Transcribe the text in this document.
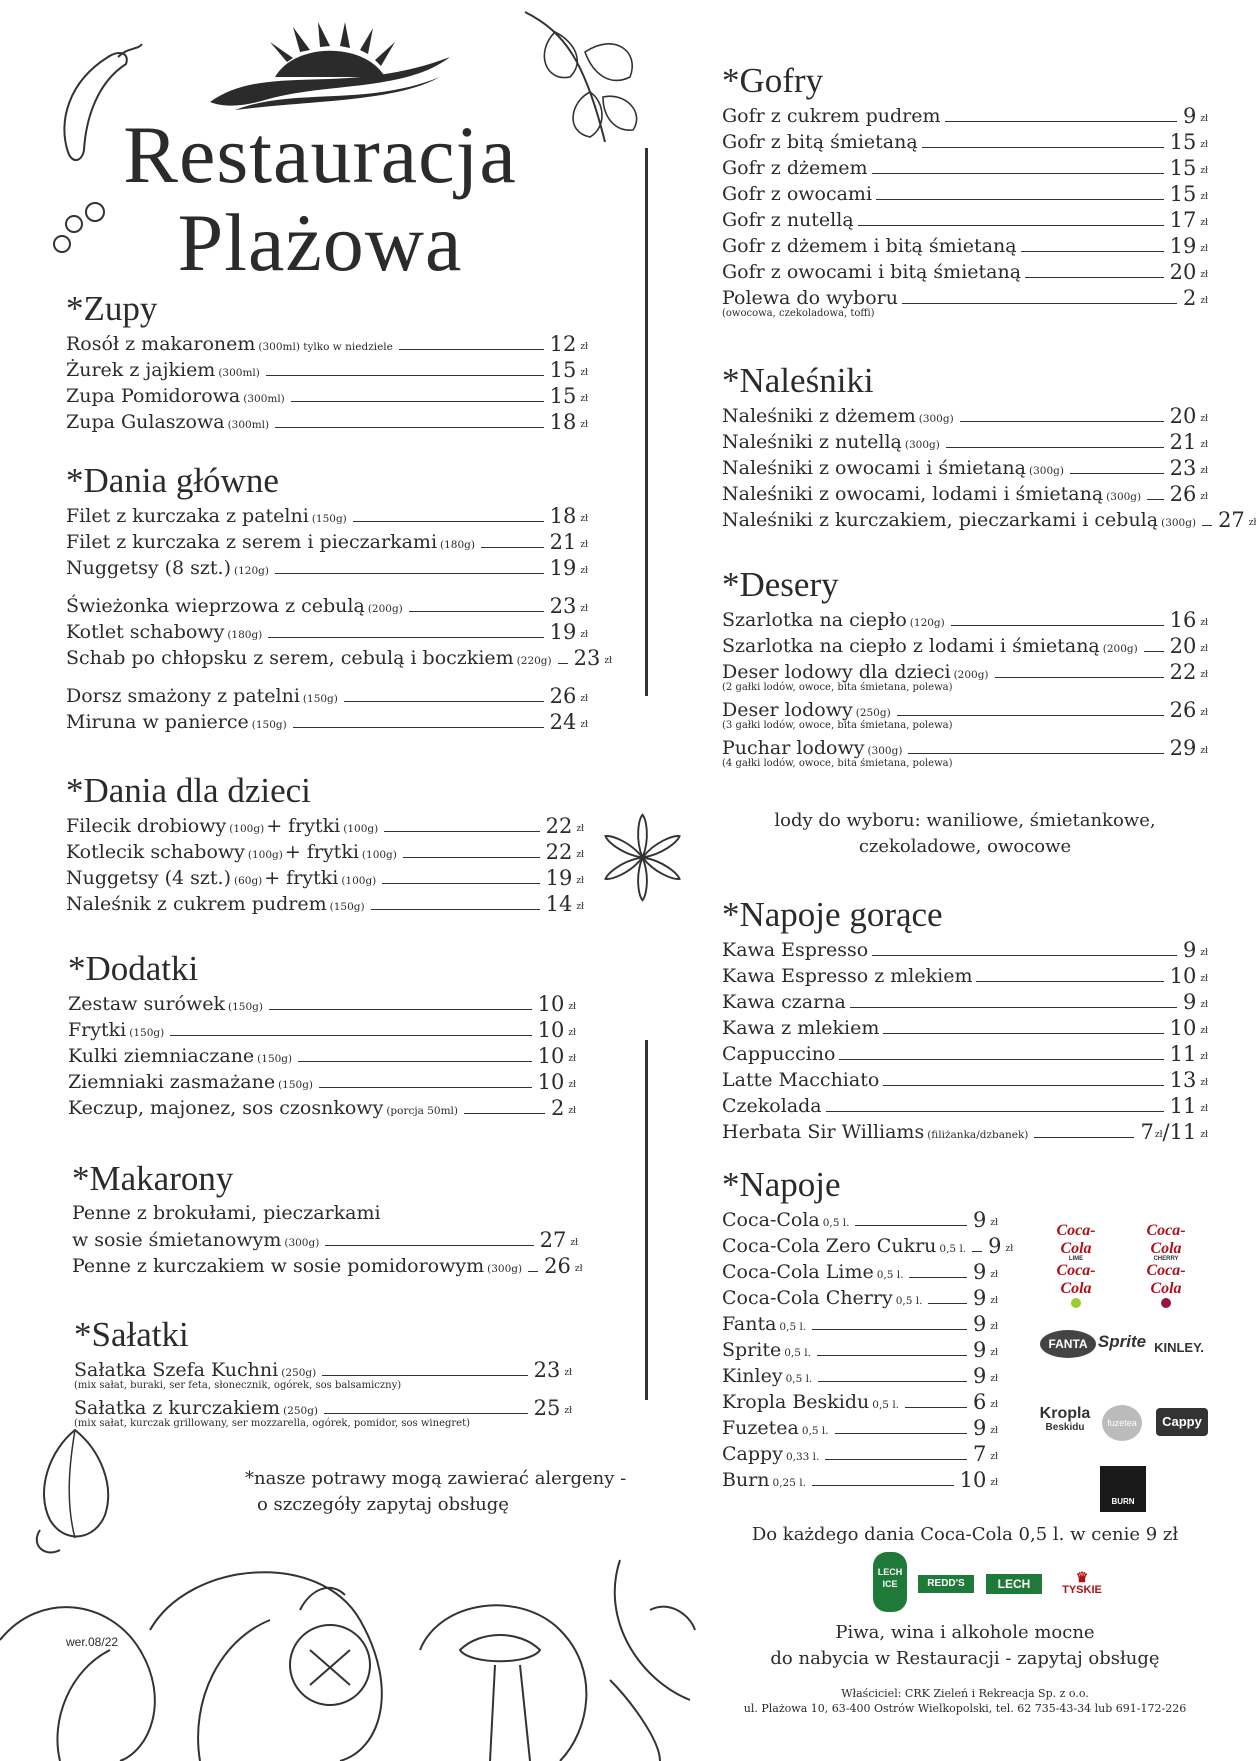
Restauracja
Plażowa
*Zupy
Rosół z makaronem (300ml) tylko w niedziele	12 zł
Żurek z jajkiem (300ml)	15 zł
Zupa Pomidorowa (300ml)	15 zł
Zupa Gulaszowa (300ml)	18 zł
*Dania główne
Filet z kurczaka z patelni (150g)	18 zł
Filet z kurczaka z serem i pieczarkami (180g)	21 zł
Nuggetsy (8 szt.) (120g)	19 zł
Świeżonka wieprzowa z cebulą (200g)	23 zł
Kotlet schabowy (180g)	19 zł
Schab po chłopsku z serem, cebulą i boczkiem (220g) 23 zł
Dorsz smażony z patelni (150g)	26 zł
Miruna w panierce (150g)	24 zł
*Dania dla dzieci
Filecik drobiowy (100g) + frytki (100g)	22 zł
Kotlecik schabowy (100g) + frytki (100g)	22 zł
Nuggetsy (4 szt.) (60g) + frytki (100g)	19 zł
Naleśnik z cukrem pudrem (150g)	14 zł
*Dodatki
Zestaw surówek (150g)	10 zł
Frytki (150g)	10 zł
Kulki ziemniaczane (150g)	10 zł
Ziemniaki zasmażane (150g)	10 zł
Keczup, majonez, sos czosnkowy (porcja 50ml)	2 zł
*Makarony
Penne z brokułami, pieczarkami
w sosie śmietanowym (300g)	27 zł
Penne z kurczakiem w sosie pomidorowym (300g) 26 zł
*Sałatki
Sałatka Szefa Kuchni (250g)	23 zł
(mix sałat, buraki, ser feta, słonecznik, ogórek, sos balsamiczny)
Sałatka z kurczakiem (250g)	25 zł
(mix sałat, kurczak grillowany, ser mozzarella, ogórek, pomidor, sos winegret)
*nasze potrawy mogą zawierać alergeny -
o szczegóły zapytaj obsługę
wer.08/22
*Gofry
Gofr z cukrem pudrem	9 zł
Gofr z bitą śmietaną	15 zł
Gofr z dżemem	15 zł
Gofr z owocami	15 zł
Gofr z nutellą	17 zł
Gofr z dżemem i bitą śmietaną	19 zł
Gofr z owocami i bitą śmietaną	20 zł
Polewa do wyboru	2 zł
(owocowa, czekoladowa, toffi)
*Naleśniki
Naleśniki z dżemem (300g)	20 zł
Naleśniki z nutellą (300g)	21 zł
Naleśniki z owocami i śmietaną (300g)	23 zł
Naleśniki z owocami, lodami i śmietaną (300g) 26 zł
Naleśniki z kurczakiem, pieczarkami i cebulą (300g) 27 zł
*Desery
Szarlotka na ciepło (120g)	16 zł
Szarlotka na ciepło z lodami i śmietaną (200g) 20 zł
Deser lodowy dla dzieci (200g)	22 zł
(2 gałki lodów, owoce, bita śmietana, polewa)
Deser lodowy (250g)	26 zł
(3 gałki lodów, owoce, bita śmietana, polewa)
Puchar lodowy (300g)	29 zł
(4 gałki lodów, owoce, bita śmietana, polewa)
lody do wyboru: waniliowe, śmietankowe,
czekoladowe, owocowe
*Napoje gorące
Kawa Espresso	9 zł
Kawa Espresso z mlekiem	10 zł
Kawa czarna	9 zł
Kawa z mlekiem	10 zł
Cappuccino	11 zł
Latte Macchiato	13 zł
Czekolada	11 zł
Herbata Sir Williams (filiżanka/dzbanek)	7 zł / 11 zł
*Napoje
Coca-Cola 0,5 l.	9 zł
Coca-Cola Zero Cukru 0,5 l. 9 zł
Coca-Cola Lime 0,5 l.	9 zł
Coca-Cola Cherry 0,5 l. 9 zł
Fanta 0,5 l.	9 zł
Sprite 0,5 l.	9 zł
Kinley 0,5 l.	9 zł
Kropla Beskidu 0,5 l.	6 zł
Fuzetea 0,5 l.	9 zł
Cappy 0,33 l.	7 zł
Burn 0,25 l.	10 zł
Coca-Cola
Coca-Cola
LIME
Coca-Cola
CHERRY
Coca-Cola
FANTA Sprite KINLEY.
Kropla
Beskidu	fuzetea	Cappy
BURN
Do każdego dania Coca-Cola 0,5 l. w cenie 9 zł
LECH ICE	REDD'S	LECH	♛
TYSKIE
Piwa, wina i alkohole mocne
do nabycia w Restauracji - zapytaj obsługę
Właściciel: CRK Zieleń i Rekreacja Sp. z o.o.
ul. Plażowa 10, 63-400 Ostrów Wielkopolski, tel. 62 735-43-34 lub 691-172-226
